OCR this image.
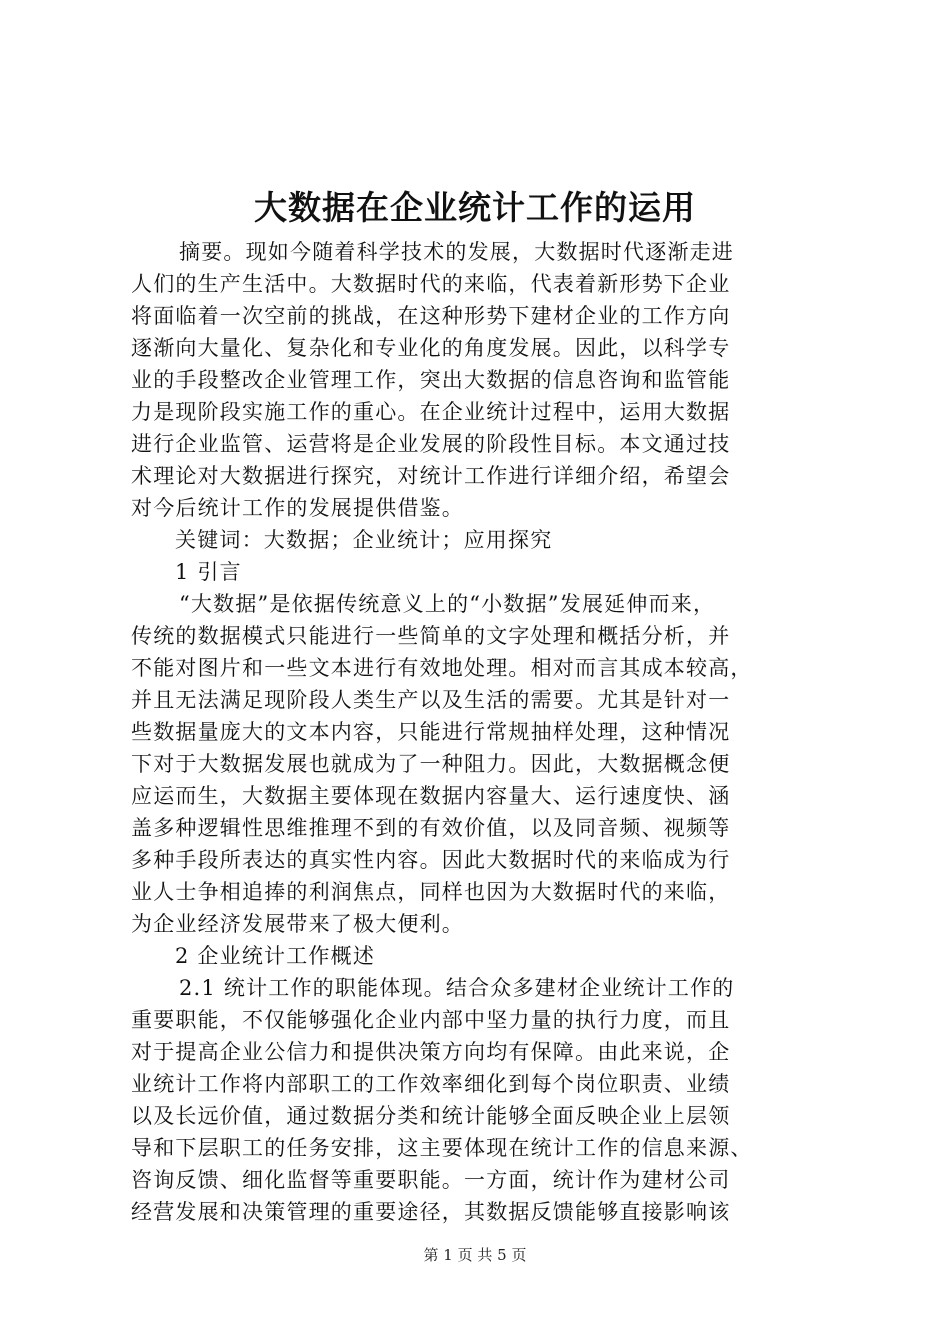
大数据在企业统计工作的运用
摘要。现如今随着科学技术的发展，大数据时代逐渐走进
人们的生产生活中。大数据时代的来临，代表着新形势下企业
将面临着一次空前的挑战，在这种形势下建材企业的工作方向
逐渐向大量化、复杂化和专业化的角度发展。因此，以科学专
业的手段整改企业管理工作，突出大数据的信息咨询和监管能
力是现阶段实施工作的重心。在企业统计过程中，运用大数据
进行企业监管、运营将是企业发展的阶段性目标。本文通过技
术理论对大数据进行探究，对统计工作进行详细介绍，希望会
对今后统计工作的发展提供借鉴。
关键词：大数据；企业统计；应用探究
1 引言
“大数据”是依据传统意义上的“小数据”发展延伸而来，
传统的数据模式只能进行一些简单的文字处理和概括分析，并
不能对图片和一些文本进行有效地处理。相对而言其成本较高，
并且无法满足现阶段人类生产以及生活的需要。尤其是针对一
些数据量庞大的文本内容，只能进行常规抽样处理，这种情况
下对于大数据发展也就成为了一种阻力。因此，大数据概念便
应运而生，大数据主要体现在数据内容量大、运行速度快、涵
盖多种逻辑性思维推理不到的有效价值，以及同音频、视频等
多种手段所表达的真实性内容。因此大数据时代的来临成为行
业人士争相追捧的利润焦点，同样也因为大数据时代的来临，
为企业经济发展带来了极大便利。
2 企业统计工作概述
2.1 统计工作的职能体现。结合众多建材企业统计工作的
重要职能，不仅能够强化企业内部中坚力量的执行力度，而且
对于提高企业公信力和提供决策方向均有保障。由此来说，企
业统计工作将内部职工的工作效率细化到每个岗位职责、业绩
以及长远价值，通过数据分类和统计能够全面反映企业上层领
导和下层职工的任务安排，这主要体现在统计工作的信息来源、
咨询反馈、细化监督等重要职能。一方面，统计作为建材公司
经营发展和决策管理的重要途径，其数据反馈能够直接影响该
第 1 页 共 5 页
